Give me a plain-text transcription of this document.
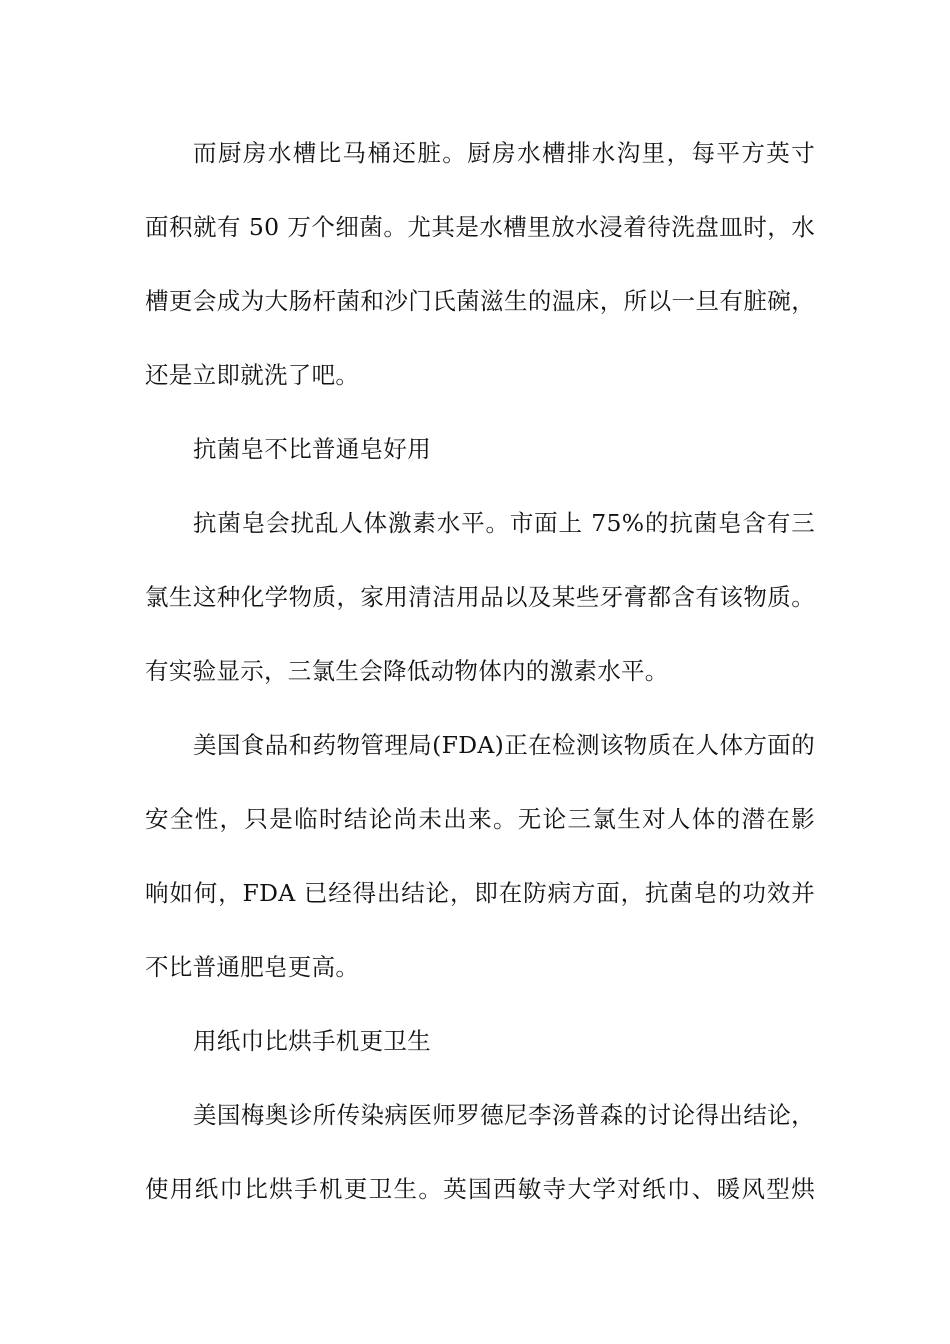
而厨房水槽比马桶还脏。厨房水槽排水沟里，每平方英寸
面积就有 50 万个细菌。尤其是水槽里放水浸着待洗盘皿时，水
槽更会成为大肠杆菌和沙门氏菌滋生的温床，所以一旦有脏碗，
还是立即就洗了吧。
抗菌皂不比普通皂好用
抗菌皂会扰乱人体激素水平。市面上 75%的抗菌皂含有三
氯生这种化学物质，家用清洁用品以及某些牙膏都含有该物质。
有实验显示，三氯生会降低动物体内的激素水平。
美国食品和药物管理局(FDA)正在检测该物质在人体方面的
安全性，只是临时结论尚未出来。无论三氯生对人体的潜在影
响如何，FDA 已经得出结论，即在防病方面，抗菌皂的功效并
不比普通肥皂更高。
用纸巾比烘手机更卫生
美国梅奥诊所传染病医师罗德尼李汤普森的讨论得出结论，
使用纸巾比烘手机更卫生。英国西敏寺大学对纸巾、暖风型烘
